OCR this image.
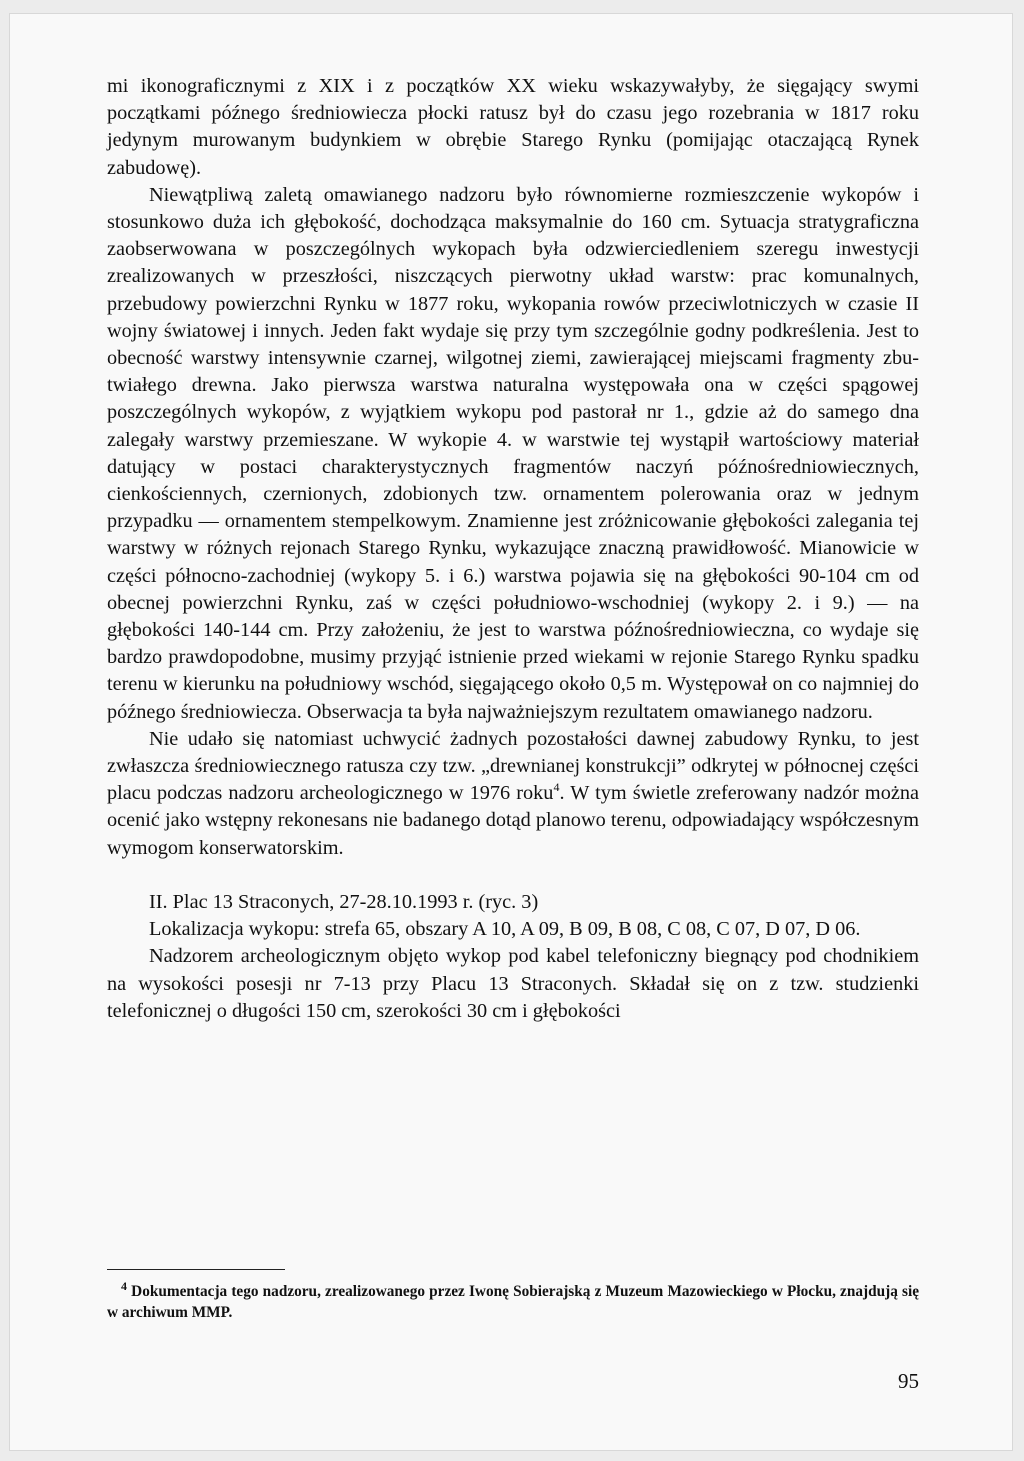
mi ikonograficznymi z XIX i z początków XX wieku wskazywałyby, że sięgający swymi początkami późnego średniowiecza płocki ratusz był do czasu jego rozebrania w 1817 roku jedynym murowanym budynkiem w obrębie Starego Rynku (pomijając otaczającą Rynek zabudowę).

Niewątpliwą zaletą omawianego nadzoru było równomierne rozmieszczenie wykopów i stosunkowo duża ich głębokość, dochodząca maksymalnie do 160 cm. Sytuacja stratygraficzna zaobserwowana w poszczególnych wykopach była odzwierciedleniem szeregu inwestycji zrealizowanych w przeszłości, niszczących pierwotny układ warstw: prac komunalnych, przebudowy powierzchni Rynku w 1877 roku, wykopania rowów przeciwlotniczych w czasie II wojny światowej i innych. Jeden fakt wydaje się przy tym szczególnie godny podkreślenia. Jest to obecność warstwy intensywnie czarnej, wilgotnej ziemi, zawierającej miejscami fragmenty zbutwiałego drewna. Jako pierwsza warstwa naturalna występowała ona w części spągowej poszczególnych wykopów, z wyjątkiem wykopu pod pastorał nr 1., gdzie aż do samego dna zalegały warstwy przemieszane. W wykopie 4. w warstwie tej wystąpił wartościowy materiał datujący w postaci charakterystycznych fragmentów naczyń późnośredniowiecznych, cienkościennych, czernionych, zdobionych tzw. ornamentem polerowania oraz w jednym przypadku — ornamentem stempelkowym. Znamienne jest zróżnicowanie głębokości zalegania tej warstwy w różnych rejonach Starego Rynku, wykazujące znaczną prawidłowość. Mianowicie w części północno-zachodniej (wykopy 5. i 6.) warstwa pojawia się na głębokości 90-104 cm od obecnej powierzchni Rynku, zaś w części południowo-wschodniej (wykopy 2. i 9.) — na głębokości 140-144 cm. Przy założeniu, że jest to warstwa późnośredniowieczna, co wydaje się bardzo prawdopodobne, musimy przyjąć istnienie przed wiekami w rejonie Starego Rynku spadku terenu w kierunku na południowy wschód, sięgającego około 0,5 m. Występował on co najmniej do późnego średniowiecza. Obserwacja ta była najważniejszym rezultatem omawianego nadzoru.

Nie udało się natomiast uchwycić żadnych pozostałości dawnej zabudowy Rynku, to jest zwłaszcza średniowiecznego ratusza czy tzw. „drewnianej konstrukcji” odkrytej w północnej części placu podczas nadzoru archeologicznego w 1976 roku$^4$. W tym świetle zreferowany nadzór można ocenić jako wstępny rekonesans nie badanego dotąd planowo terenu, odpowiadający współczesnym wymogom konserwatorskim.

II. Plac 13 Straconych, 27-28.10.1993 r. (ryc. 3)

Lokalizacja wykopu: strefa 65, obszary A 10, A 09, B 09, B 08, C 08, C 07, D 07, D 06.

Nadzorem archeologicznym objęto wykop pod kabel telefoniczny biegnący pod chodnikiem na wysokości posesji nr 7-13 przy Placu 13 Straconych. Składał się on z tzw. studzienki telefonicznej o długości 150 cm, szerokości 30 cm i głębokości

$^4$ Dokumentacja tego nadzoru, zrealizowanego przez Iwonę Sobierajską z Muzeum Mazowieckiego w Płocku, znajdują się w archiwum MMP.
95
